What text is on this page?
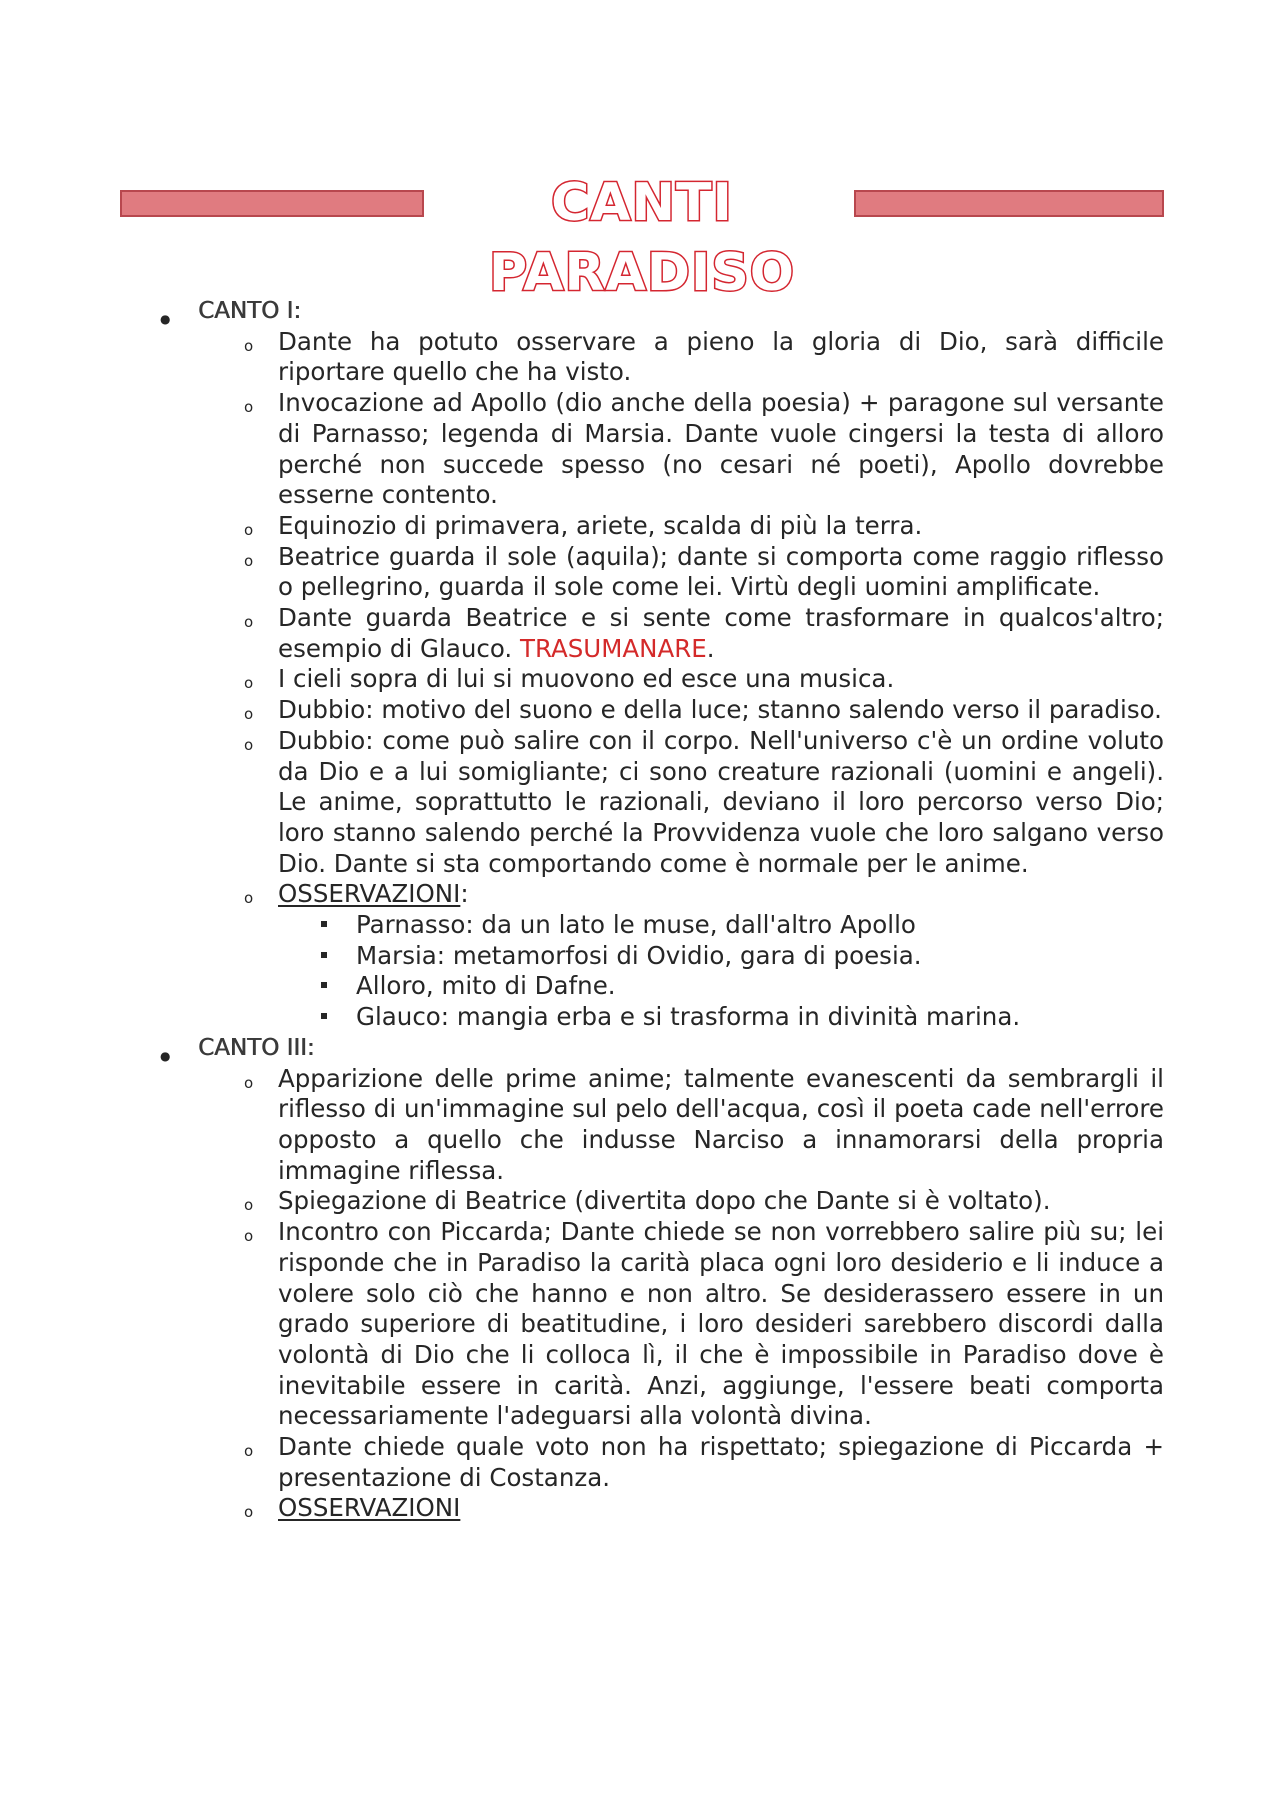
CANTI PARADISO
● CANTO I:
o Dante ha potuto osservare a pieno la gloria di Dio, sarà difficile riportare quello che ha visto.
o Invocazione ad Apollo (dio anche della poesia) + paragone sul versante di Parnasso; legenda di Marsia. Dante vuole cingersi la testa di alloro perché non succede spesso (no cesari né poeti), Apollo dovrebbe esserne contento.
o Equinozio di primavera, ariete, scalda di più la terra.
o Beatrice guarda il sole (aquila); dante si comporta come raggio riflesso o pellegrino, guarda il sole come lei. Virtù degli uomini amplificate.
o Dante guarda Beatrice e si sente come trasformare in qualcos'altro; esempio di Glauco. TRASUMANARE.
o I cieli sopra di lui si muovono ed esce una musica.
o Dubbio: motivo del suono e della luce; stanno salendo verso il paradiso.
o Dubbio: come può salire con il corpo. Nell'universo c'è un ordine voluto da Dio e a lui somigliante; ci sono creature razionali (uomini e angeli). Le anime, soprattutto le razionali, deviano il loro percorso verso Dio; loro stanno salendo perché la Provvidenza vuole che loro salgano verso Dio. Dante si sta comportando come è normale per le anime.
o OSSERVAZIONI:
Parnasso: da un lato le muse, dall'altro Apollo
Marsia: metamorfosi di Ovidio, gara di poesia.
Alloro, mito di Dafne.
Glauco: mangia erba e si trasforma in divinità marina.
● CANTO III:
o Apparizione delle prime anime; talmente evanescenti da sembrargli il riflesso di un'immagine sul pelo dell'acqua, così il poeta cade nell'errore opposto a quello che indusse Narciso a innamorarsi della propria immagine riflessa.
o Spiegazione di Beatrice (divertita dopo che Dante si è voltato).
o Incontro con Piccarda; Dante chiede se non vorrebbero salire più su; lei risponde che in Paradiso la carità placa ogni loro desiderio e li induce a volere solo ciò che hanno e non altro. Se desiderassero essere in un grado superiore di beatitudine, i loro desideri sarebbero discordi dalla volontà di Dio che li colloca lì, il che è impossibile in Paradiso dove è inevitabile essere in carità. Anzi, aggiunge, l'essere beati comporta necessariamente l'adeguarsi alla volontà divina.
o Dante chiede quale voto non ha rispettato; spiegazione di Piccarda + presentazione di Costanza.
o OSSERVAZIONI
